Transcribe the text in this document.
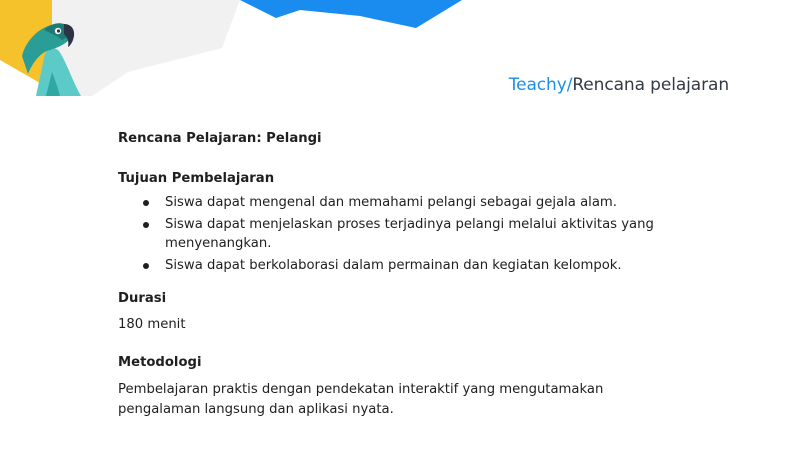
Teachy/Rencana pelajaran
Rencana Pelajaran: Pelangi
Tujuan Pembelajaran
Siswa dapat mengenal dan memahami pelangi sebagai gejala alam.
Siswa dapat menjelaskan proses terjadinya pelangi melalui aktivitas yang menyenangkan.
Siswa dapat berkolaborasi dalam permainan dan kegiatan kelompok.
Durasi
180 menit
Metodologi
Pembelajaran praktis dengan pendekatan interaktif yang mengutamakan pengalaman langsung dan aplikasi nyata.
